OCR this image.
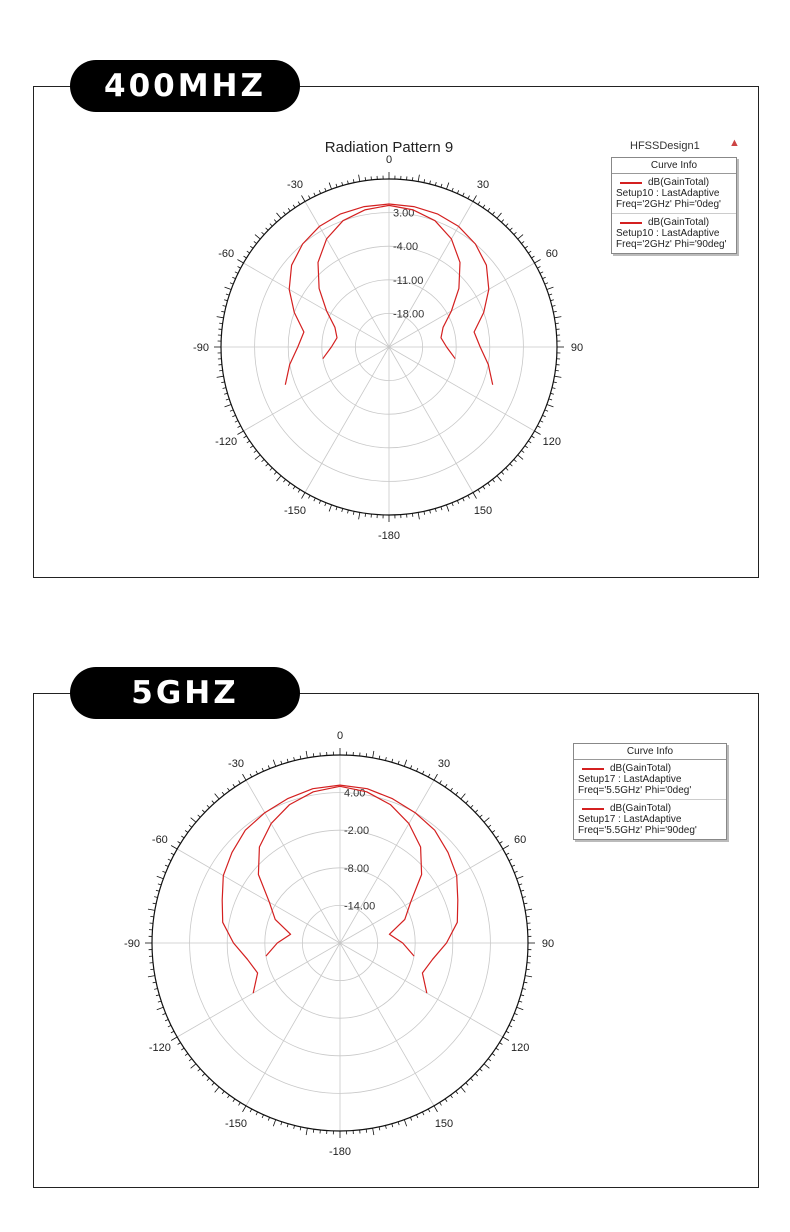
400MHZ
HFSSDesign1	▲
Curve Info
dB(GainTotal)
Setup10 : LastAdaptive
Freq='2GHz' Phi='0deg'
dB(GainTotal)
Setup10 : LastAdaptive
Freq='2GHz' Phi='90deg'
5GHZ
Curve Info
dB(GainTotal)
Setup17 : LastAdaptive
Freq='5.5GHz' Phi='0deg'
dB(GainTotal)
Setup17 : LastAdaptive
Freq='5.5GHz' Phi='90deg'
Radiation Pattern 9
0
30
60
90
120
150
-180
-150
-120
-90
-60
-30
3.00
-4.00
-11.00
-18.00
0
30
60
90
120
150
-180
-150
-120
-90
-60
-30
4.00
-2.00
-8.00
-14.00
